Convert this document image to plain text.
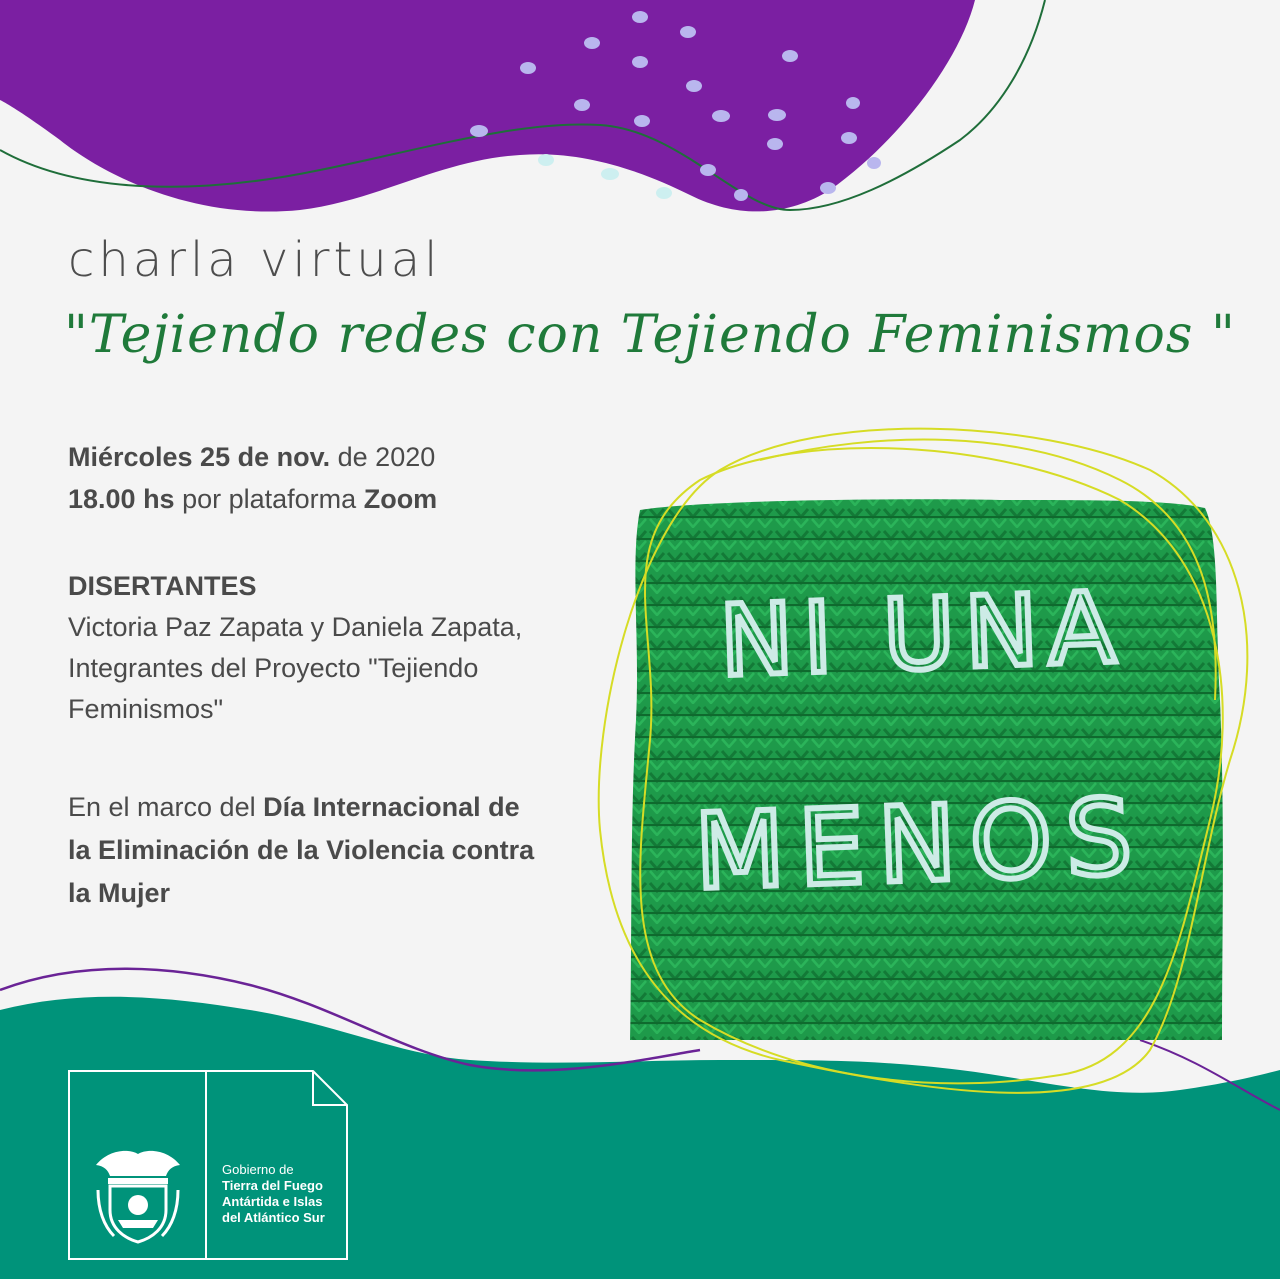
NI UNA
MENOS
charla virtual
"Tejiendo redes con Tejiendo Feminismos "
Miércoles 25 de nov. de 2020
18.00 hs por plataforma Zoom
DISERTANTES
Victoria Paz Zapata y Daniela Zapata, Integrantes del Proyecto "Tejiendo Feminismos"
En el marco del Día Internacional de la Eliminación de la Violencia contra la Mujer
Gobierno de
Tierra del Fuego
Antártida e Islas
del Atlántico Sur
